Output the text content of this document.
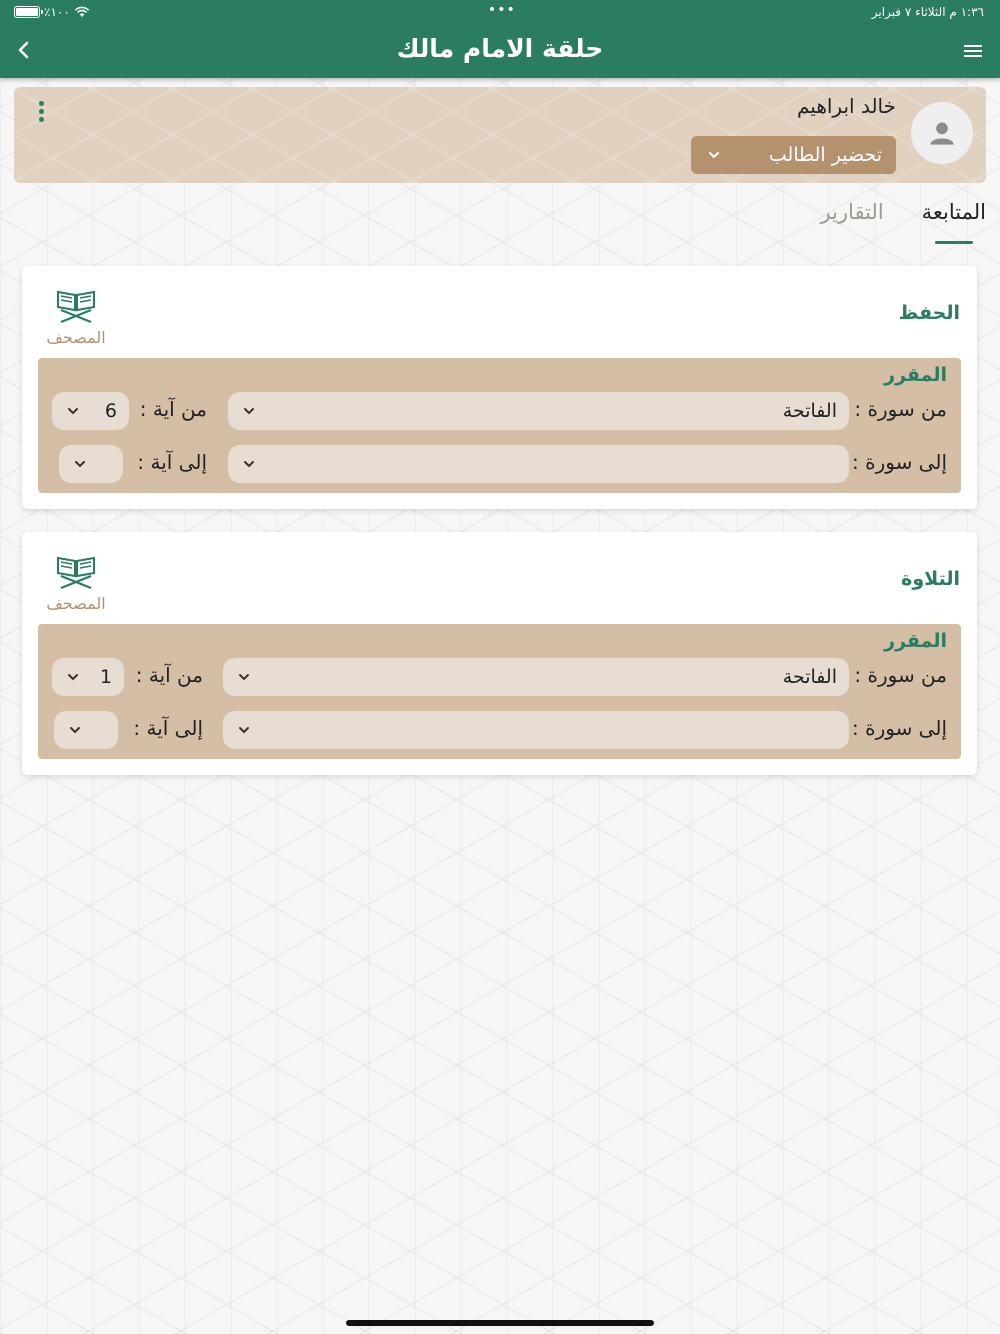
٪١٠٠	•••	١:٣٦ م الثلاثاء ٧ فبراير
حلقة الامام مالك
خالد ابراهيم
تحضير الطالب
المتابعة
التقارير
الحفظ
المصحف
المقرر
من سورة :
الفاتحة
من آية :
6
إلى سورة :
إلى آية :
التلاوة
المصحف
المقرر
من سورة :
الفاتحة
من آية :
1
إلى سورة :
إلى آية :
